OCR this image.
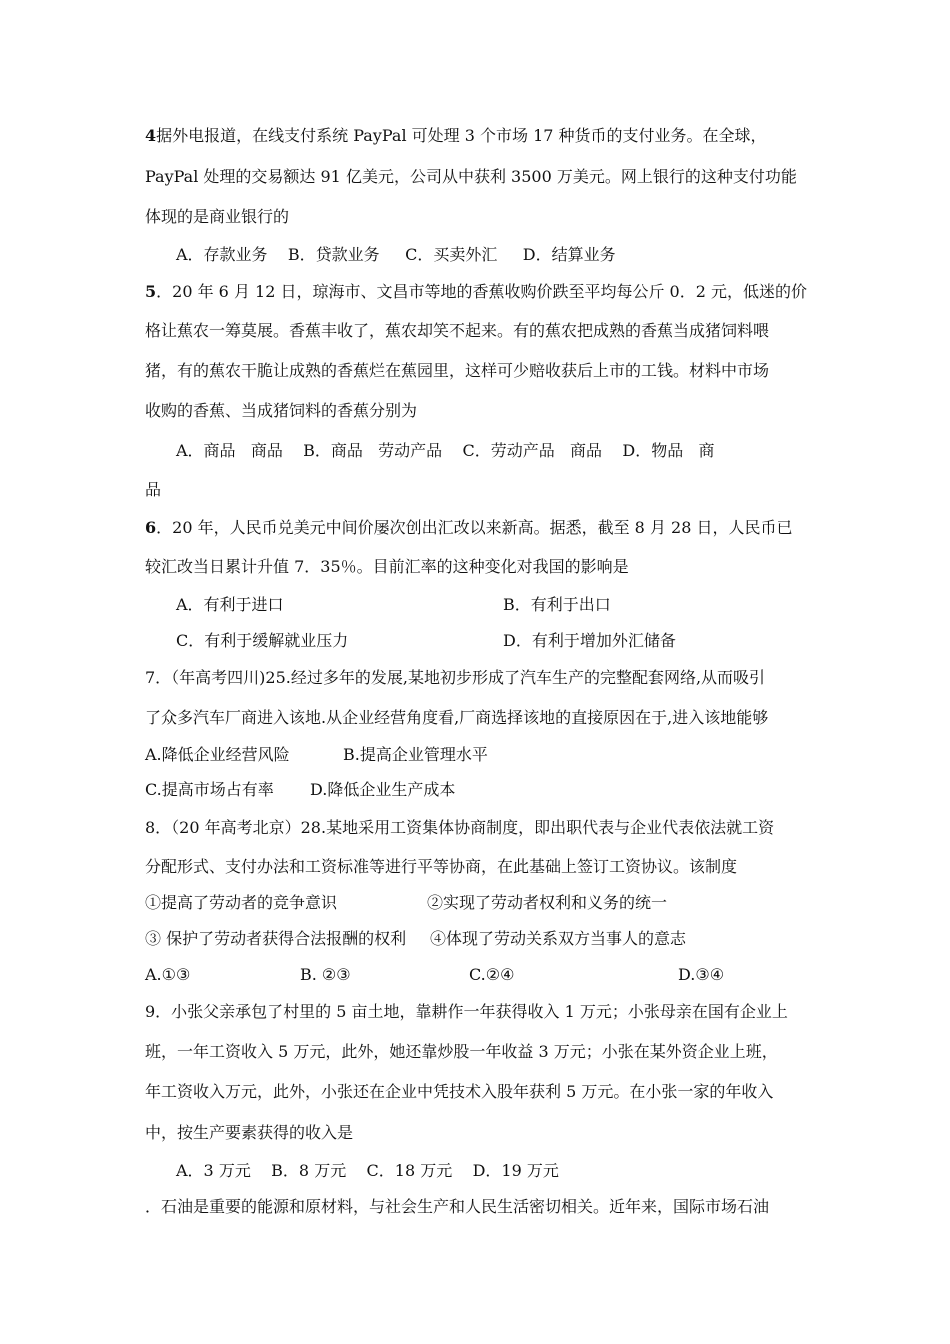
4据外电报道，在线支付系统 PayPal 可处理 3 个市场 17 种货币的支付业务。在全球，
PayPal 处理的交易额达 91 亿美元，公司从中获利 3500 万美元。网上银行的这种支付功能
体现的是商业银行的
A．存款业务    B．贷款业务     C．买卖外汇     D．结算业务
5．20 年 6 月 12 日，琼海市、文昌市等地的香蕉收购价跌至平均每公斤 0．2 元，低迷的价
格让蕉农一筹莫展。香蕉丰收了，蕉农却笑不起来。有的蕉农把成熟的香蕉当成猪饲料喂
猪，有的蕉农干脆让成熟的香蕉烂在蕉园里，这样可少赔收获后上市的工钱。材料中市场
收购的香蕉、当成猪饲料的香蕉分别为
A．商品   商品    B．商品   劳动产品    C．劳动产品   商品    D．物品   商
品
6．20 年，人民币兑美元中间价屡次创出汇改以来新高。据悉，截至 8 月 28 日，人民币已
较汇改当日累计升值 7．35％。目前汇率的这种变化对我国的影响是
A．有利于进口	B．有利于出口
C．有利于缓解就业压力	D．有利于增加外汇储备
7．（年高考四川)25.经过多年的发展,某地初步形成了汽车生产的完整配套网络,从而吸引
了众多汽车厂商进入该地.从企业经营角度看,厂商选择该地的直接原因在于,进入该地能够
A.降低企业经营风险	B.提高企业管理水平
C.提高市场占有率 D.降低企业生产成本
8．（20 年高考北京）28.某地采用工资集体协商制度，即出职代表与企业代表依法就工资
分配形式、支付办法和工资标准等进行平等协商，在此基础上签订工资协议。该制度
①提高了劳动者的竞争意识	②实现了劳动者权利和义务的统一
③ 保护了劳动者获得合法报酬的权利 ④体现了劳动关系双方当事人的意志
A.①③	B. ②③	C.②④	D.③④
9．小张父亲承包了村里的 5 亩土地，靠耕作一年获得收入 1 万元；小张母亲在国有企业上
班，一年工资收入 5 万元，此外，她还靠炒股一年收益 3 万元；小张在某外资企业上班，
年工资收入万元，此外，小张还在企业中凭技术入股年获利 5 万元。在小张一家的年收入
中，按生产要素获得的收入是
A．3 万元    B．8 万元    C．18 万元    D．19 万元
．石油是重要的能源和原材料，与社会生产和人民生活密切相关。近年来，国际市场石油
